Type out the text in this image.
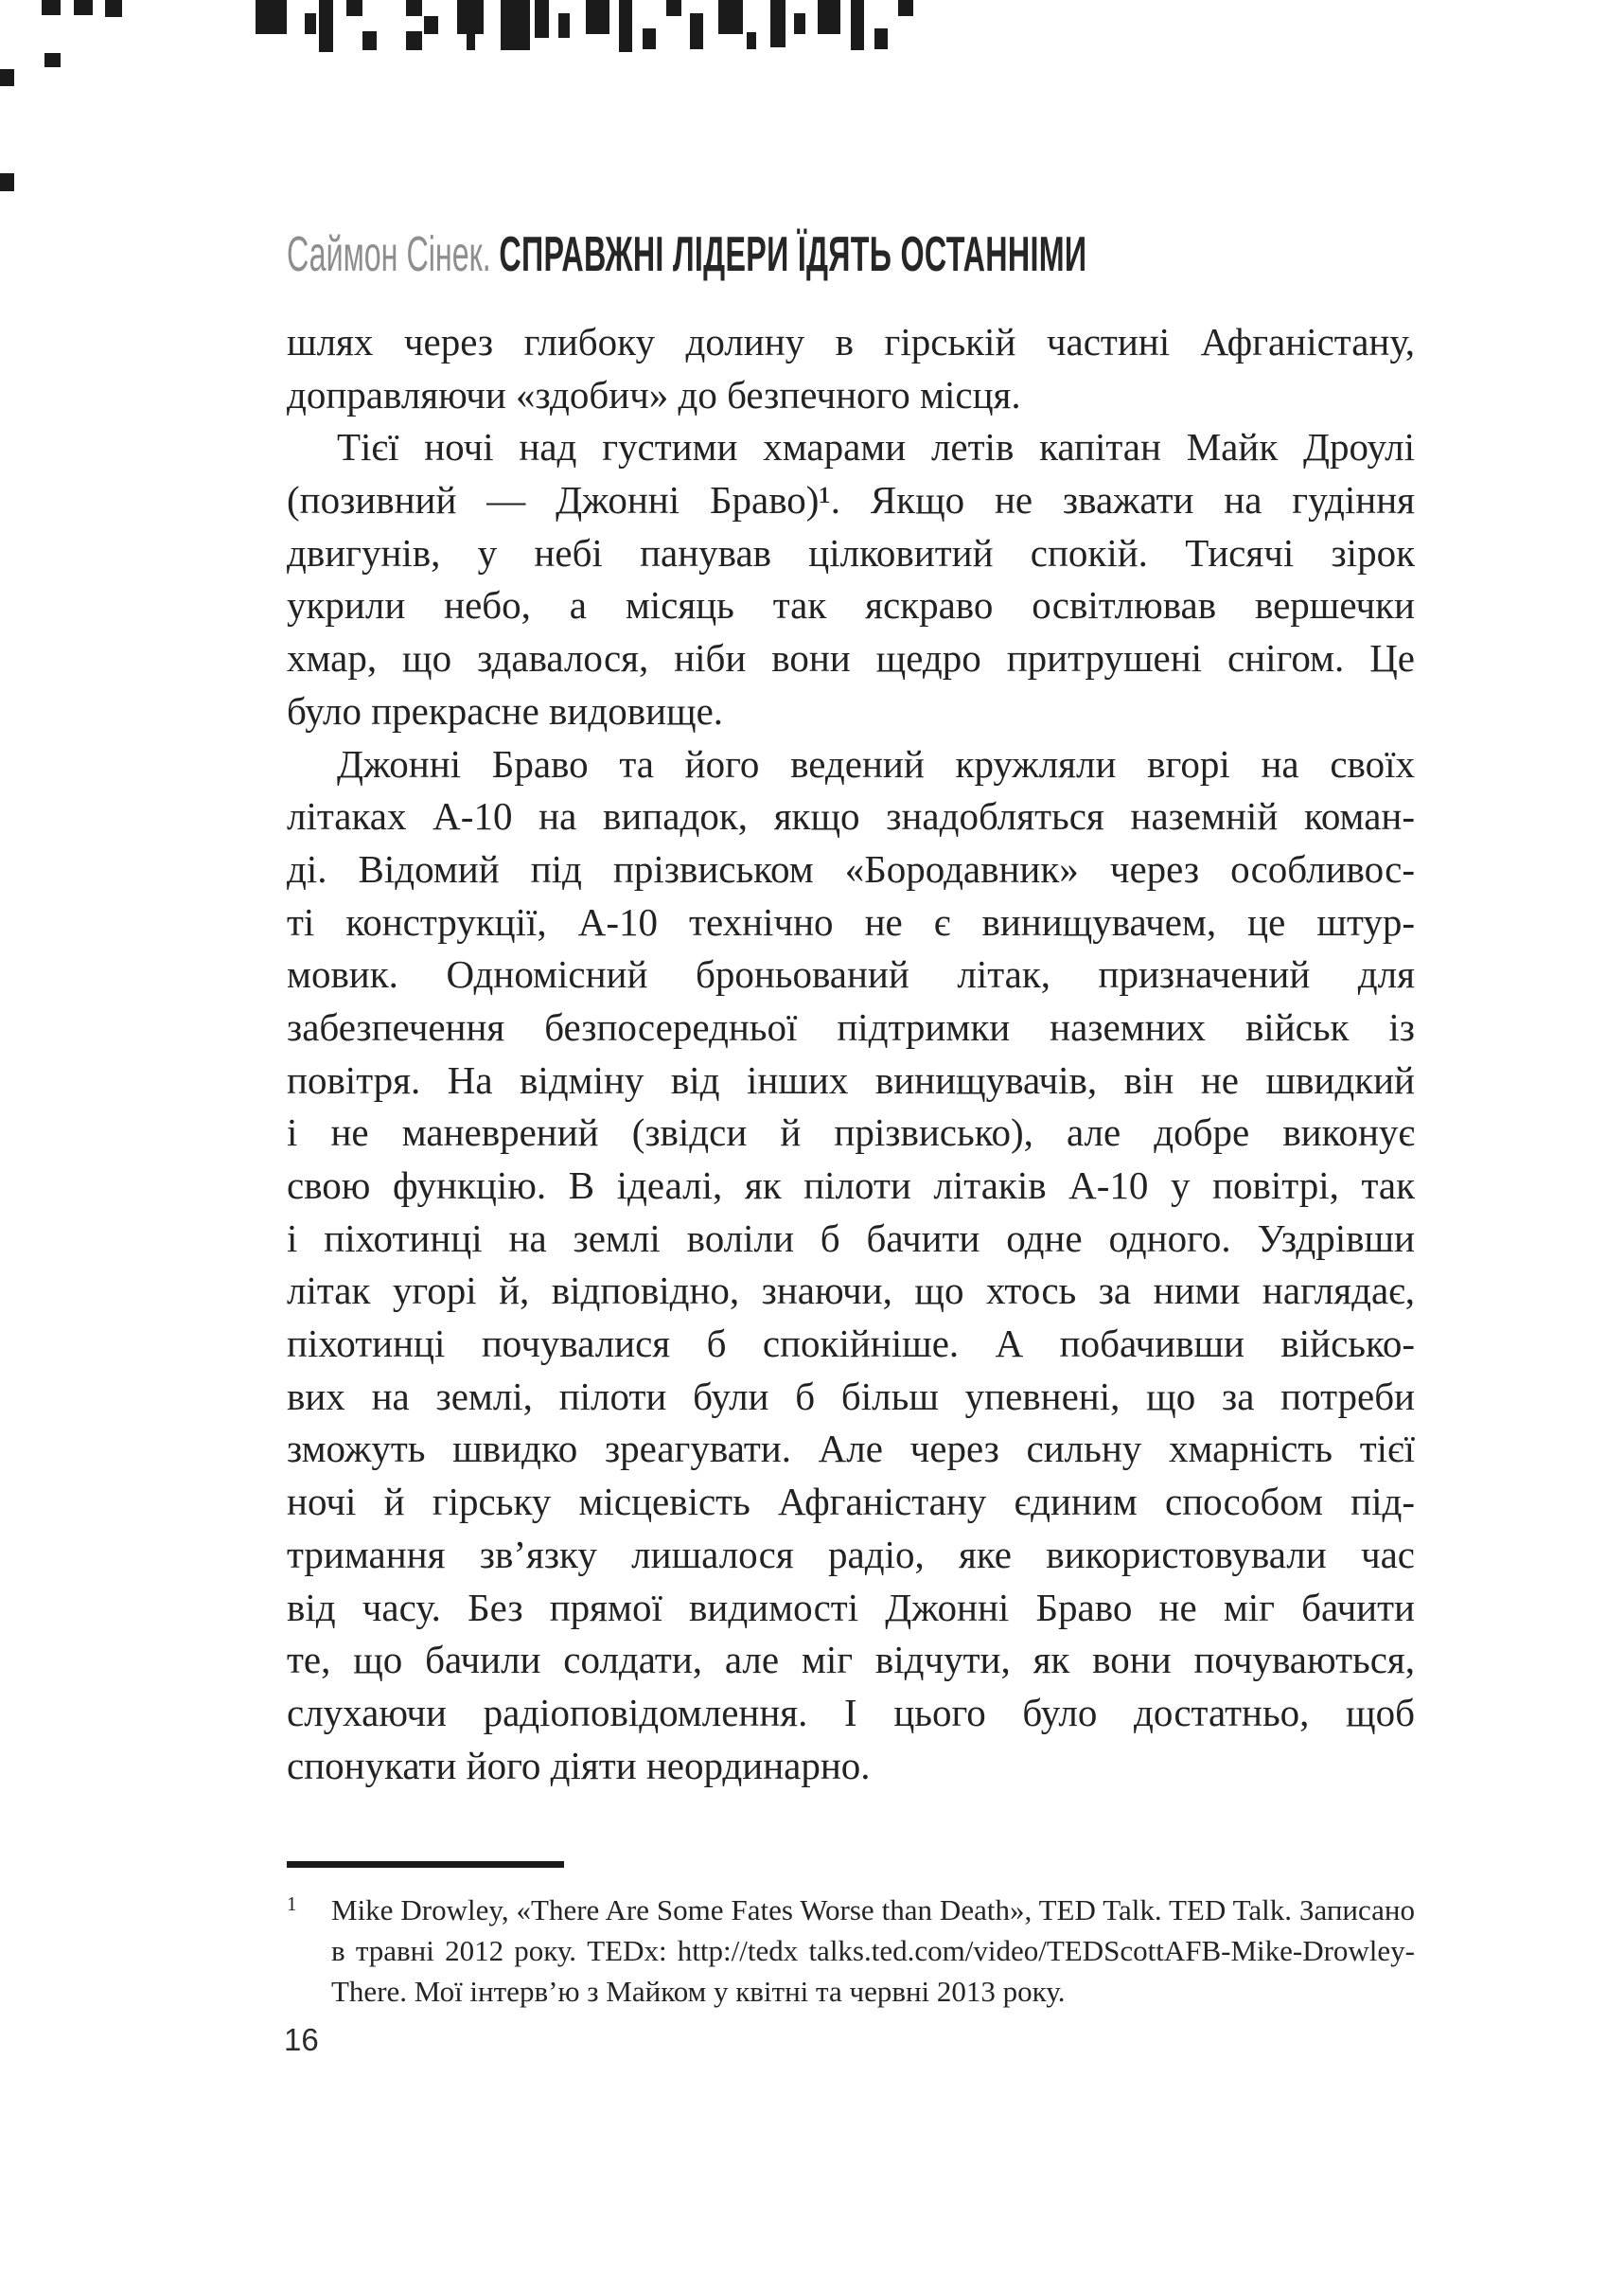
Саймон Сінек. СПРАВЖНІ ЛІДЕРИ ЇДЯТЬ ОСТАННІМИ
шлях через глибоку долину в гірській частині Афганістану,
доправляючи «здобич» до безпечного місця.
Тієї ночі над густими хмарами летів капітан Майк Дроулі
(позивний — Джонні Браво)¹. Якщо не зважати на гудіння
двигунів, у небі панував цілковитий спокій. Тисячі зірок
укрили небо, а місяць так яскраво освітлював вершечки
хмар, що здавалося, ніби вони щедро притрушені снігом. Це
було прекрасне видовище.
Джонні Браво та його ведений кружляли вгорі на своїх
літаках А-10 на випадок, якщо знадобляться наземній коман-
ді. Відомий під прізвиськом «Бородавник» через особливос-
ті конструкції, А-10 технічно не є винищувачем, це штур-
мовик. Одномісний броньований літак, призначений для
забезпечення безпосередньої підтримки наземних військ із
повітря. На відміну від інших винищувачів, він не швидкий
і не маневрений (звідси й прізвисько), але добре виконує
свою функцію. В ідеалі, як пілоти літаків А-10 у повітрі, так
і піхотинці на землі воліли б бачити одне одного. Уздрівши
літак угорі й, відповідно, знаючи, що хтось за ними наглядає,
піхотинці почувалися б спокійніше. А побачивши військо-
вих на землі, пілоти були б більш упевнені, що за потреби
зможуть швидко зреагувати. Але через сильну хмарність тієї
ночі й гірську місцевість Афганістану єдиним способом під-
тримання зв’язку лишалося радіо, яке використовували час
від часу. Без прямої видимості Джонні Браво не міг бачити
те, що бачили солдати, але міг відчути, як вони почуваються,
слухаючи радіоповідомлення. І цього було достатньо, щоб
спонукати його діяти неординарно.
1 Mike Drowley, «There Are Some Fates Worse than Death», TED Talk. TED Talk. Записано
в травні 2012 року. TEDx: http://tedx talks.ted.com/video/TEDScottAFB-Mike-Drowley-
There. Мої інтерв’ю з Майком у квітні та червні 2013 року.
16
